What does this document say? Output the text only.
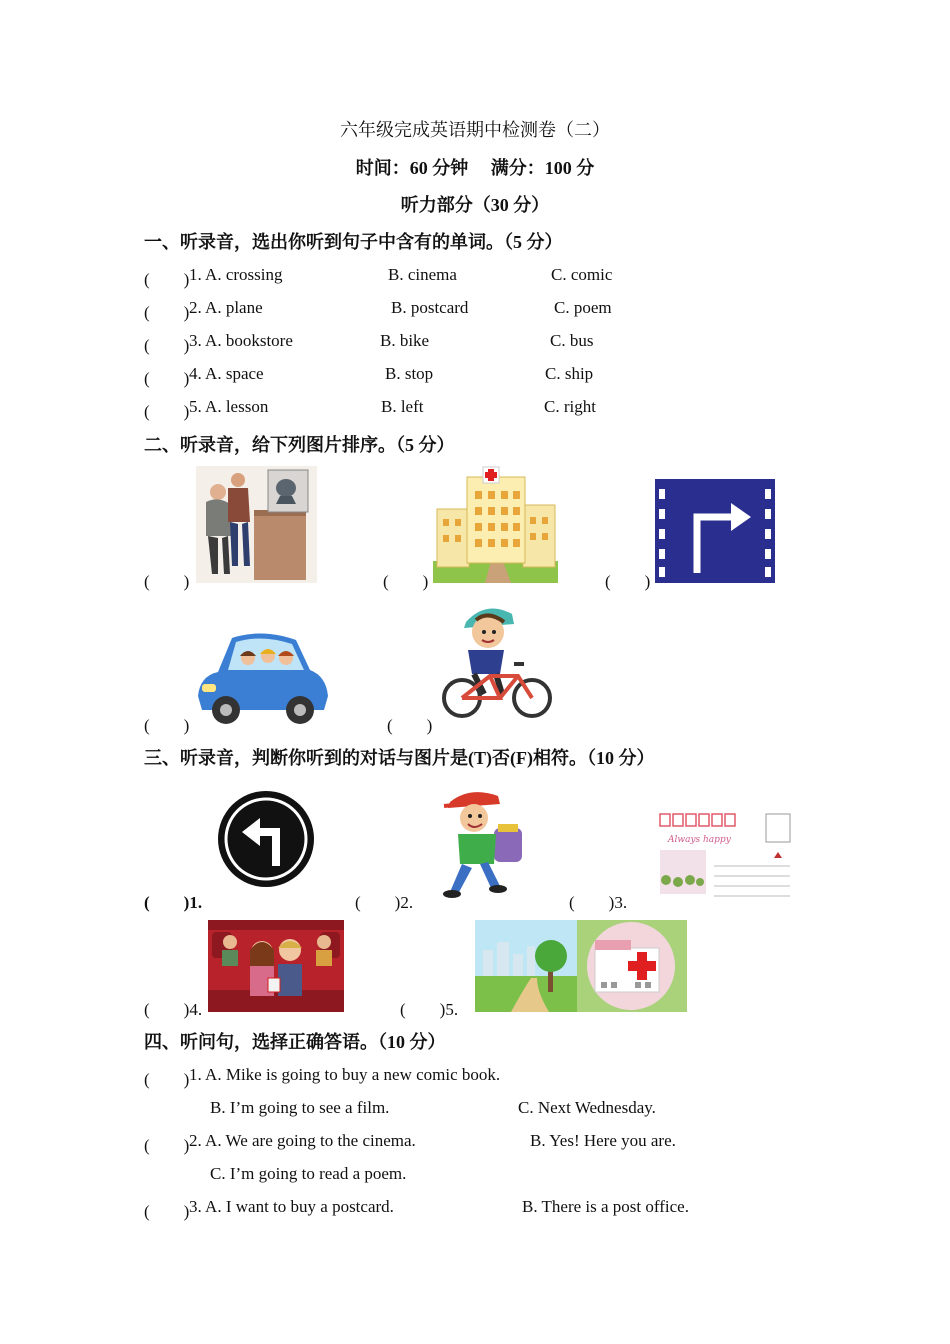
六年级完成英语期中检测卷（二）
时间：60 分钟　 满分：100 分
听力部分（30 分）
一、听录音，选出你听到句子中含有的单词。（5 分）
(　　) 1. A. crossing	B. cinema	C. comic
(　　) 2. A. plane	B. postcard	C. poem
(　　) 3. A. bookstore	B. bike	C. bus
(　　) 4. A. space	B. stop	C. ship
(　　) 5. A. lesson	B. left	C. right
二、听录音，给下列图片排序。（5 分）
(　　)	(　　)	(　　)
(　　)	(　　)
三、听录音，判断你听到的对话与图片是(T)否(F)相符。（10 分）
(　　)1.	(　　)2.	(　　)3.
Always happy
(　　)4.	(　　)5.
四、听问句，选择正确答语。（10 分）
(　　) 1. A. Mike is going to buy a new comic book.
B. I’m going to see a film.	C. Next Wednesday.
(　　) 2. A. We are going to the cinema.	B. Yes! Here you are.
C. I’m going to read a poem.
(　　) 3. A. I want to buy a postcard.	B. There is a post office.
